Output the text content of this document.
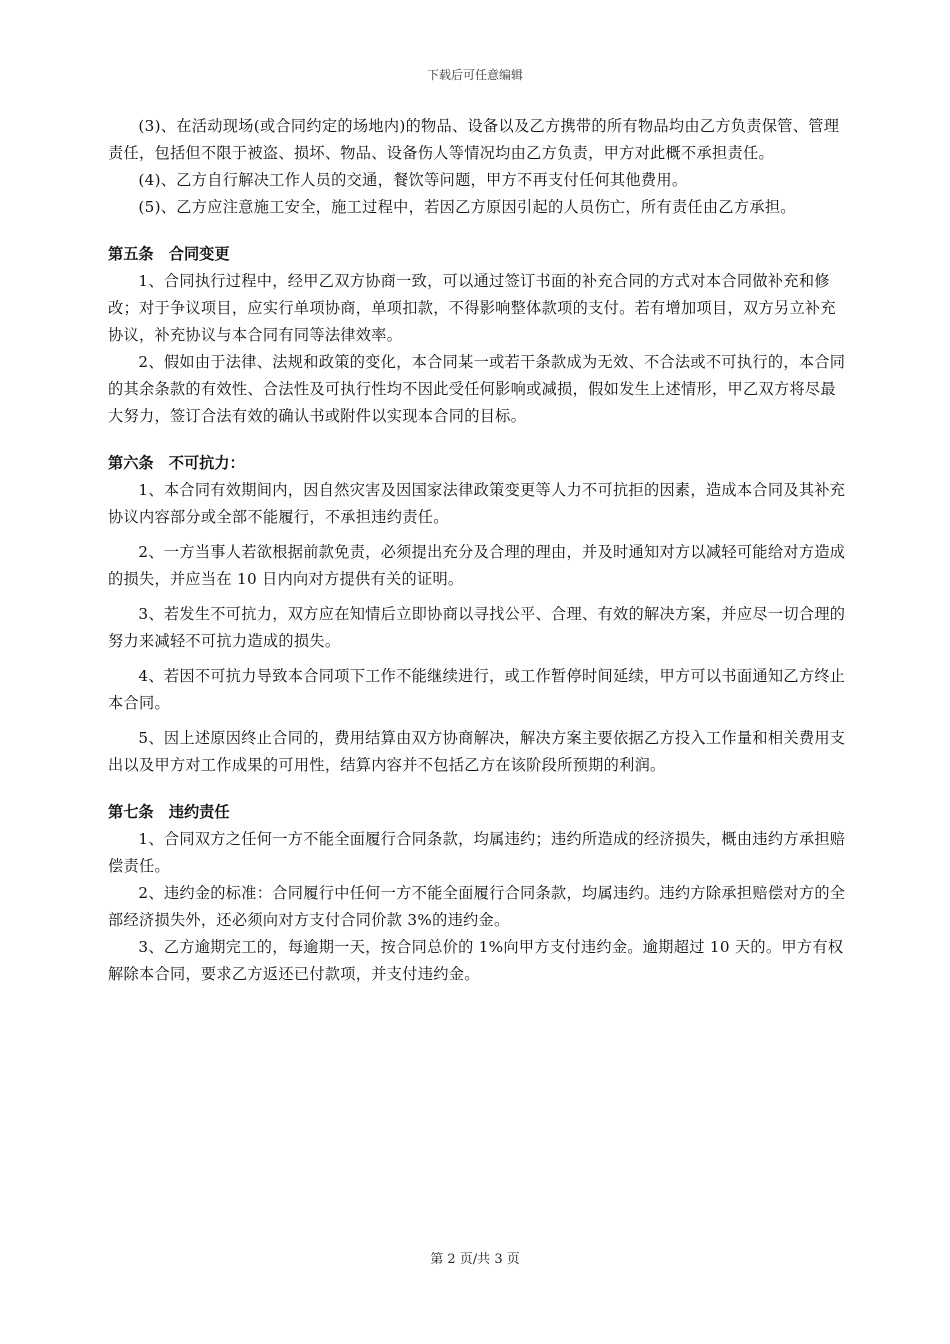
下载后可任意编辑

(3)、在活动现场(或合同约定的场地内)的物品、设备以及乙方携带的所有物品均由乙方负责保管、管理责任，包括但不限于被盗、损坏、物品、设备伤人等情况均由乙方负责，甲方对此概不承担责任。

(4)、乙方自行解决工作人员的交通，餐饮等问题，甲方不再支付任何其他费用。

(5)、乙方应注意施工安全，施工过程中，若因乙方原因引起的人员伤亡，所有责任由乙方承担。

第五条　合同变更

1、合同执行过程中，经甲乙双方协商一致，可以通过签订书面的补充合同的方式对本合同做补充和修改；对于争议项目，应实行单项协商，单项扣款，不得影响整体款项的支付。若有增加项目，双方另立补充协议，补充协议与本合同有同等法律效率。

2、假如由于法律、法规和政策的变化，本合同某一或若干条款成为无效、不合法或不可执行的，本合同的其余条款的有效性、合法性及可执行性均不因此受任何影响或减损，假如发生上述情形，甲乙双方将尽最大努力，签订合法有效的确认书或附件以实现本合同的目标。

第六条　不可抗力：

1、本合同有效期间内，因自然灾害及因国家法律政策变更等人力不可抗拒的因素，造成本合同及其补充协议内容部分或全部不能履行，不承担违约责任。

2、一方当事人若欲根据前款免责，必须提出充分及合理的理由，并及时通知对方以减轻可能给对方造成的损失，并应当在 10 日内向对方提供有关的证明。

3、若发生不可抗力，双方应在知情后立即协商以寻找公平、合理、有效的解决方案，并应尽一切合理的努力来减轻不可抗力造成的损失。

4、若因不可抗力导致本合同项下工作不能继续进行，或工作暂停时间延续，甲方可以书面通知乙方终止本合同。

5、因上述原因终止合同的，费用结算由双方协商解决，解决方案主要依据乙方投入工作量和相关费用支出以及甲方对工作成果的可用性，结算内容并不包括乙方在该阶段所预期的利润。

第七条　违约责任

1、合同双方之任何一方不能全面履行合同条款，均属违约；违约所造成的经济损失，概由违约方承担赔偿责任。

2、违约金的标准：合同履行中任何一方不能全面履行合同条款，均属违约。违约方除承担赔偿对方的全部经济损失外，还必须向对方支付合同价款 3%的违约金。

3、乙方逾期完工的，每逾期一天，按合同总价的 1%向甲方支付违约金。逾期超过 10 天的。甲方有权解除本合同，要求乙方返还已付款项，并支付违约金。

第 2 页/共 3 页
